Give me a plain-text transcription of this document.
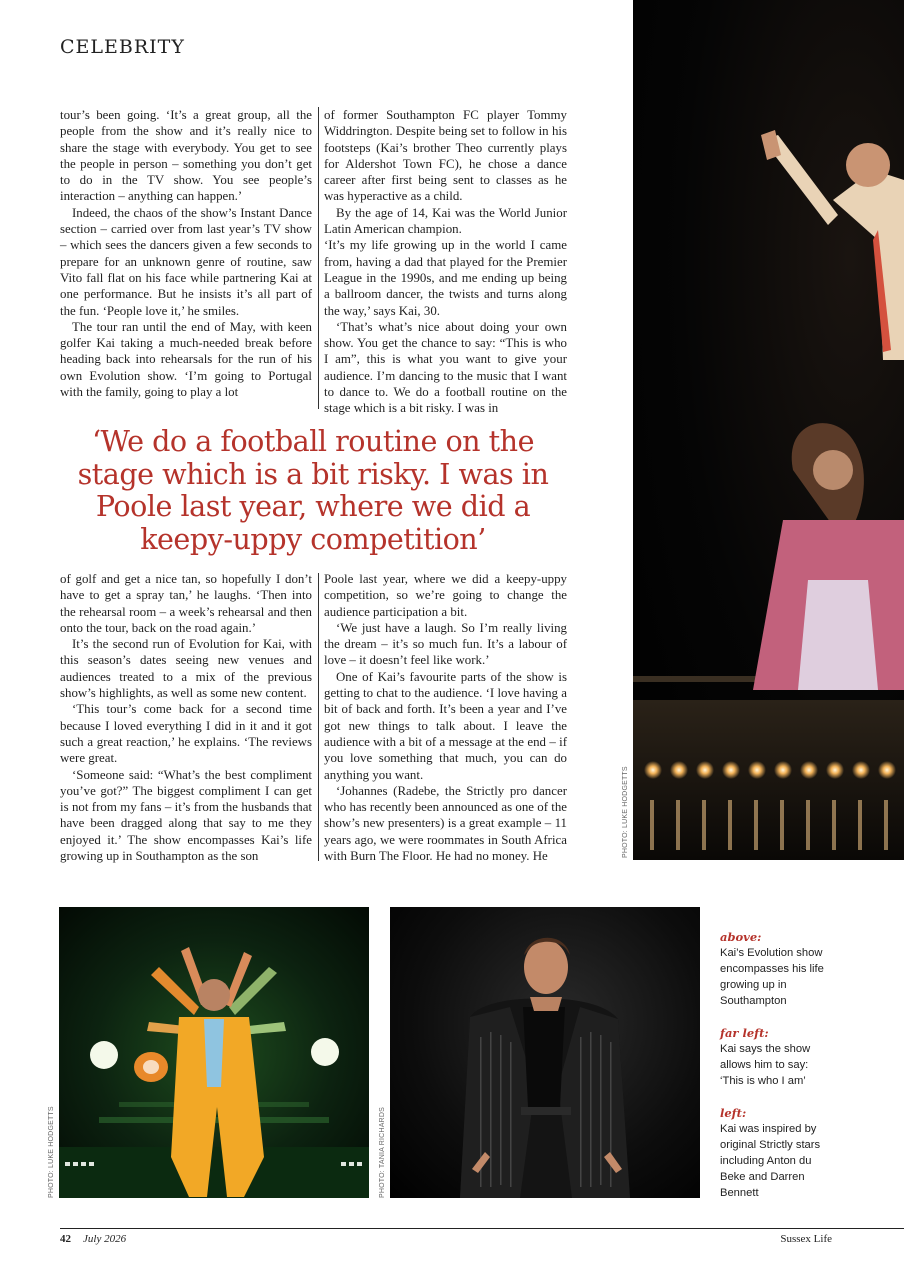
CELEBRITY

tour’s been going. ‘It’s a great group, all the people from the show and it’s really nice to share the stage with everybody. You get to see the people in person – something you don’t get to do in the TV show. You see people’s interaction – anything can happen.’

Indeed, the chaos of the show’s Instant Dance section – carried over from last year’s TV show – which sees the dancers given a few seconds to prepare for an unknown genre of routine, saw Vito fall flat on his face while partnering Kai at one performance. But he insists it’s all part of the fun. ‘People love it,’ he smiles.

The tour ran until the end of May, with keen golfer Kai taking a much-needed break before heading back into rehearsals for the run of his own Evolution show. ‘I’m going to Portugal with the family, going to play a lot

of former Southampton FC player Tommy Widdrington. Despite being set to follow in his footsteps (Kai’s brother Theo currently plays for Aldershot Town FC), he chose a dance career after first being sent to classes as he was hyperactive as a child.

By the age of 14, Kai was the World Junior Latin American champion.

‘It’s my life growing up in the world I came from, having a dad that played for the Premier League in the 1990s, and me ending up being a ballroom dancer, the twists and turns along the way,’ says Kai, 30.

‘That’s what’s nice about doing your own show. You get the chance to say: “This is who I am”, this is what you want to give your audience. I’m dancing to the music that I want to dance to. We do a football routine on the stage which is a bit risky. I was in

‘We do a football routine on the stage which is a bit risky. I was in Poole last year, where we did a keepy-uppy competition’

of golf and get a nice tan, so hopefully I don’t have to get a spray tan,’ he laughs. ‘Then into the rehearsal room – a week’s rehearsal and then onto the tour, back on the road again.’

It’s the second run of Evolution for Kai, with this season’s dates seeing new venues and audiences treated to a mix of the previous show’s highlights, as well as some new content.

‘This tour’s come back for a second time because I loved everything I did in it and it got such a great reaction,’ he explains. ‘The reviews were great.

‘Someone said: “What’s the best compliment you’ve got?” The biggest compliment I can get is not from my fans – it’s from the husbands that have been dragged along that say to me they enjoyed it.’ The show encompasses Kai’s life growing up in Southampton as the son

Poole last year, where we did a keepy-uppy competition, so we’re going to change the audience participation a bit.

‘We just have a laugh. So I’m really living the dream – it’s so much fun. It’s a labour of love – it doesn’t feel like work.’

One of Kai’s favourite parts of the show is getting to chat to the audience. ‘I love having a bit of back and forth. It’s been a year and I’ve got new things to talk about. I leave the audience with a bit of a message at the end – if you love something that much, you can do anything you want.

‘Johannes (Radebe, the Strictly pro dancer who has recently been announced as one of the show’s new presenters) is a great example – 11 years ago, we were roommates in South Africa with Burn The Floor. He had no money. He	PHOTO: LUKE HODGETTS
PHOTO: LUKE HODGETTS	PHOTO: TANIA RICHARDS
above:
Kai’s Evolution show encompasses his life growing up in Southampton
far left:
Kai says the show allows him to say: ‘This is who I am’
left:
Kai was inspired by original Strictly stars including Anton du Beke and Darren Bennett
42 July 2026	Sussex Life
